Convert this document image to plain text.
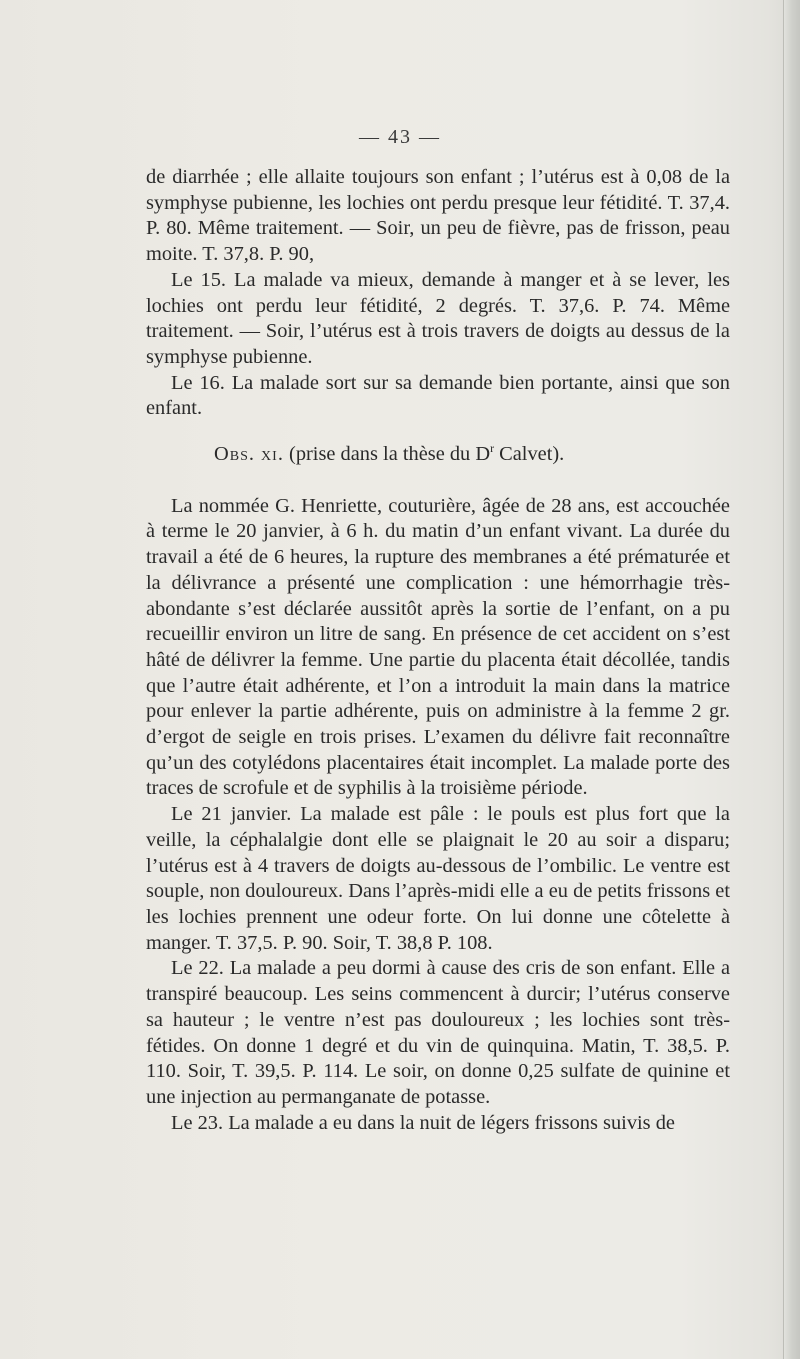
— 43 —

de diarrhée ; elle allaite toujours son enfant ; l’utérus est à 0,08 de la symphyse pubienne, les lochies ont perdu presque leur fétidité. T. 37,4. P. 80. Même traitement. — Soir, un peu de fièvre, pas de frisson, peau moite. T. 37,8. P. 90,

Le 15. La malade va mieux, demande à manger et à se lever, les lochies ont perdu leur fétidité, 2 degrés. T. 37,6. P. 74. Même traitement. — Soir, l’utérus est à trois travers de doigts au dessus de la symphyse pubienne.

Le 16. La malade sort sur sa demande bien portante, ainsi que son enfant.

Obs. xi. (prise dans la thèse du $D^r$ Calvet).

La nommée G. Henriette, couturière, âgée de 28 ans, est accouchée à terme le 20 janvier, à 6 h. du matin d’un enfant vivant. La durée du travail a été de 6 heures, la rupture des membranes a été prématurée et la délivrance a présenté une complication : une hémorrhagie très-abondante s’est déclarée aussitôt après la sortie de l’enfant, on a pu recueillir environ un litre de sang. En présence de cet accident on s’est hâté de délivrer la femme. Une partie du placenta était décollée, tandis que l’autre était adhérente, et l’on a introduit la main dans la matrice pour enlever la partie adhérente, puis on administre à la femme 2 gr. d’ergot de seigle en trois prises. L’examen du délivre fait reconnaître qu’un des cotylédons placentaires était incomplet. La malade porte des traces de scrofule et de syphilis à la troisième période.

Le 21 janvier. La malade est pâle : le pouls est plus fort que la veille, la céphalalgie dont elle se plaignait le 20 au soir a disparu; l’utérus est à 4 travers de doigts au-dessous de l’ombilic. Le ventre est souple, non douloureux. Dans l’après-midi elle a eu de petits frissons et les lochies prennent une odeur forte. On lui donne une côtelette à manger. T. 37,5. P. 90. Soir, T. 38,8 P. 108.

Le 22. La malade a peu dormi à cause des cris de son enfant. Elle a transpiré beaucoup. Les seins commencent à durcir; l’utérus conserve sa hauteur ; le ventre n’est pas douloureux ; les lochies sont très-fétides. On donne 1 degré et du vin de quinquina. Matin, T. 38,5. P. 110. Soir, T. 39,5. P. 114. Le soir, on donne 0,25 sulfate de quinine et une injection au permanganate de potasse.

Le 23. La malade a eu dans la nuit de légers frissons suivis de
